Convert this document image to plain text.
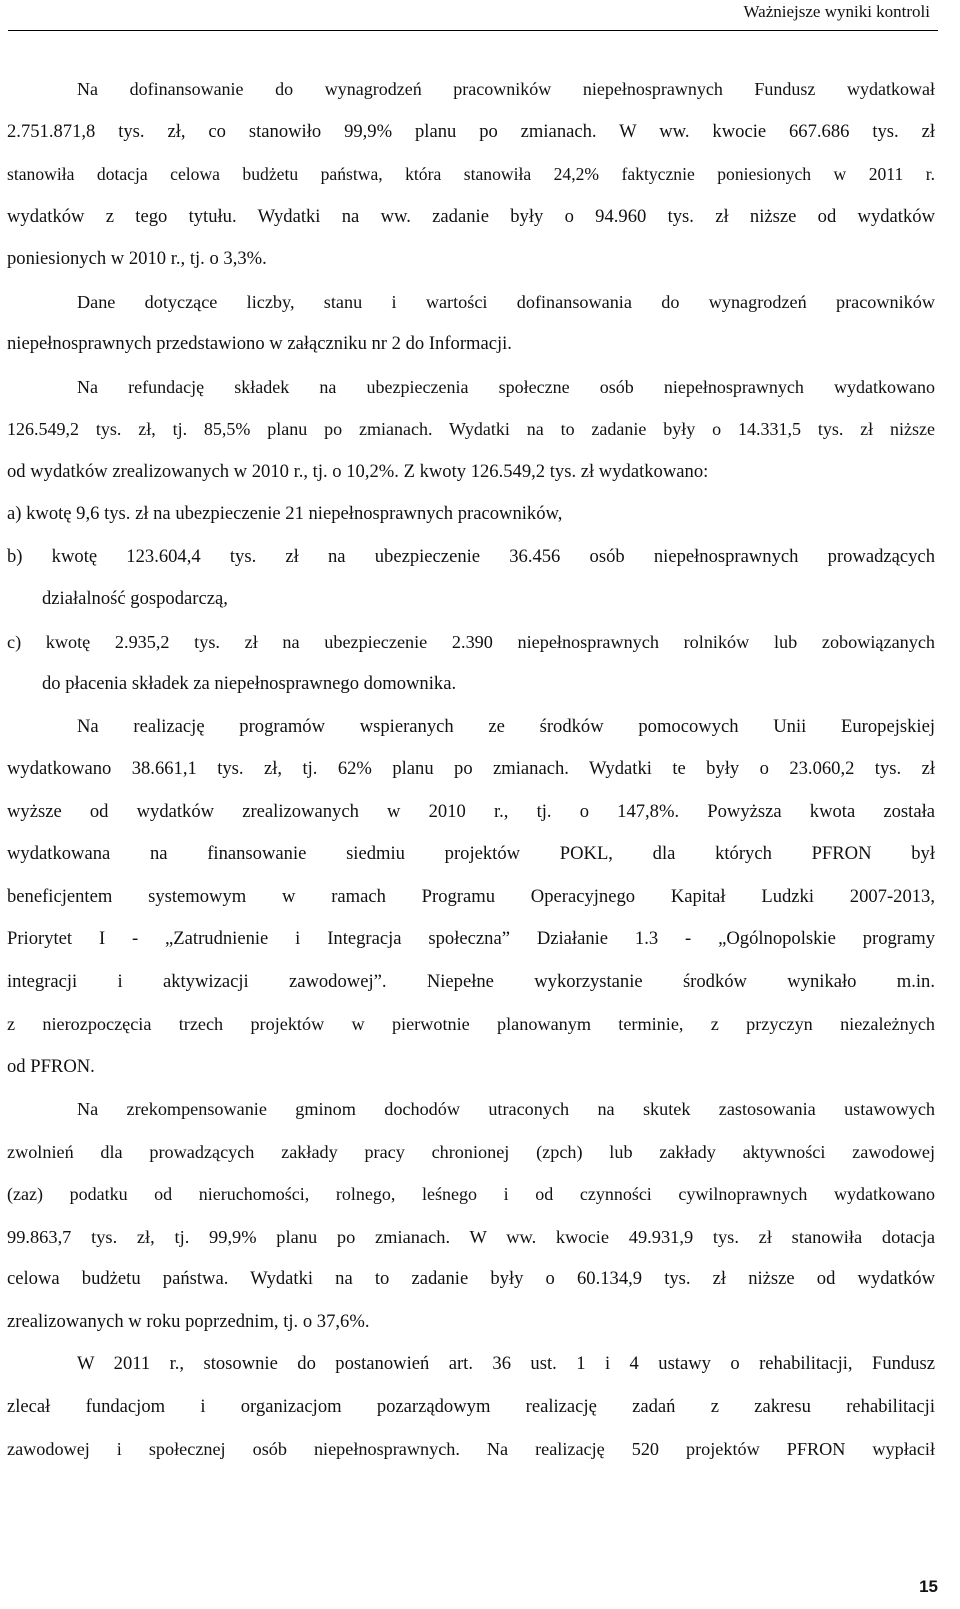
Ważniejsze wyniki kontroli
Na dofinansowanie do wynagrodzeń pracowników niepełnosprawnych Fundusz wydatkował
2.751.871,8 tys. zł, co stanowiło 99,9% planu po zmianach. W ww. kwocie 667.686 tys. zł
stanowiła dotacja celowa budżetu państwa, która stanowiła 24,2% faktycznie poniesionych w 2011 r.
wydatków z tego tytułu. Wydatki na ww. zadanie były o 94.960 tys. zł niższe od wydatków
poniesionych w 2010 r., tj. o 3,3%.
Dane dotyczące liczby, stanu i wartości dofinansowania do wynagrodzeń pracowników
niepełnosprawnych przedstawiono w załączniku nr 2 do Informacji.
Na refundację składek na ubezpieczenia społeczne osób niepełnosprawnych wydatkowano
126.549,2 tys. zł, tj. 85,5% planu po zmianach. Wydatki na to zadanie były o 14.331,5 tys. zł niższe
od wydatków zrealizowanych w 2010 r., tj. o 10,2%. Z kwoty 126.549,2 tys. zł wydatkowano:
a) kwotę 9,6 tys. zł na ubezpieczenie 21 niepełnosprawnych pracowników,
b) kwotę 123.604,4 tys. zł na ubezpieczenie 36.456 osób niepełnosprawnych prowadzących
działalność gospodarczą,
c) kwotę 2.935,2 tys. zł na ubezpieczenie 2.390 niepełnosprawnych rolników lub zobowiązanych
do płacenia składek za niepełnosprawnego domownika.
Na realizację programów wspieranych ze środków pomocowych Unii Europejskiej
wydatkowano 38.661,1 tys. zł, tj. 62% planu po zmianach. Wydatki te były o 23.060,2 tys. zł
wyższe od wydatków zrealizowanych w 2010 r., tj. o 147,8%. Powyższa kwota została
wydatkowana na finansowanie siedmiu projektów POKL, dla których PFRON był
beneficjentem systemowym w ramach Programu Operacyjnego Kapitał Ludzki 2007-2013,
Priorytet I - „Zatrudnienie i Integracja społeczna” Działanie 1.3 - „Ogólnopolskie programy
integracji i aktywizacji zawodowej”. Niepełne wykorzystanie środków wynikało m.in.
z nierozpoczęcia trzech projektów w pierwotnie planowanym terminie, z przyczyn niezależnych
od PFRON.
Na zrekompensowanie gminom dochodów utraconych na skutek zastosowania ustawowych
zwolnień dla prowadzących zakłady pracy chronionej (zpch) lub zakłady aktywności zawodowej
(zaz) podatku od nieruchomości, rolnego, leśnego i od czynności cywilnoprawnych wydatkowano
99.863,7 tys. zł, tj. 99,9% planu po zmianach. W ww. kwocie 49.931,9 tys. zł stanowiła dotacja
celowa budżetu państwa. Wydatki na to zadanie były o 60.134,9 tys. zł niższe od wydatków
zrealizowanych w roku poprzednim, tj. o 37,6%.
W 2011 r., stosownie do postanowień art. 36 ust. 1 i 4 ustawy o rehabilitacji, Fundusz
zlecał fundacjom i organizacjom pozarządowym realizację zadań z zakresu rehabilitacji
zawodowej i społecznej osób niepełnosprawnych. Na realizację 520 projektów PFRON wypłacił
15
